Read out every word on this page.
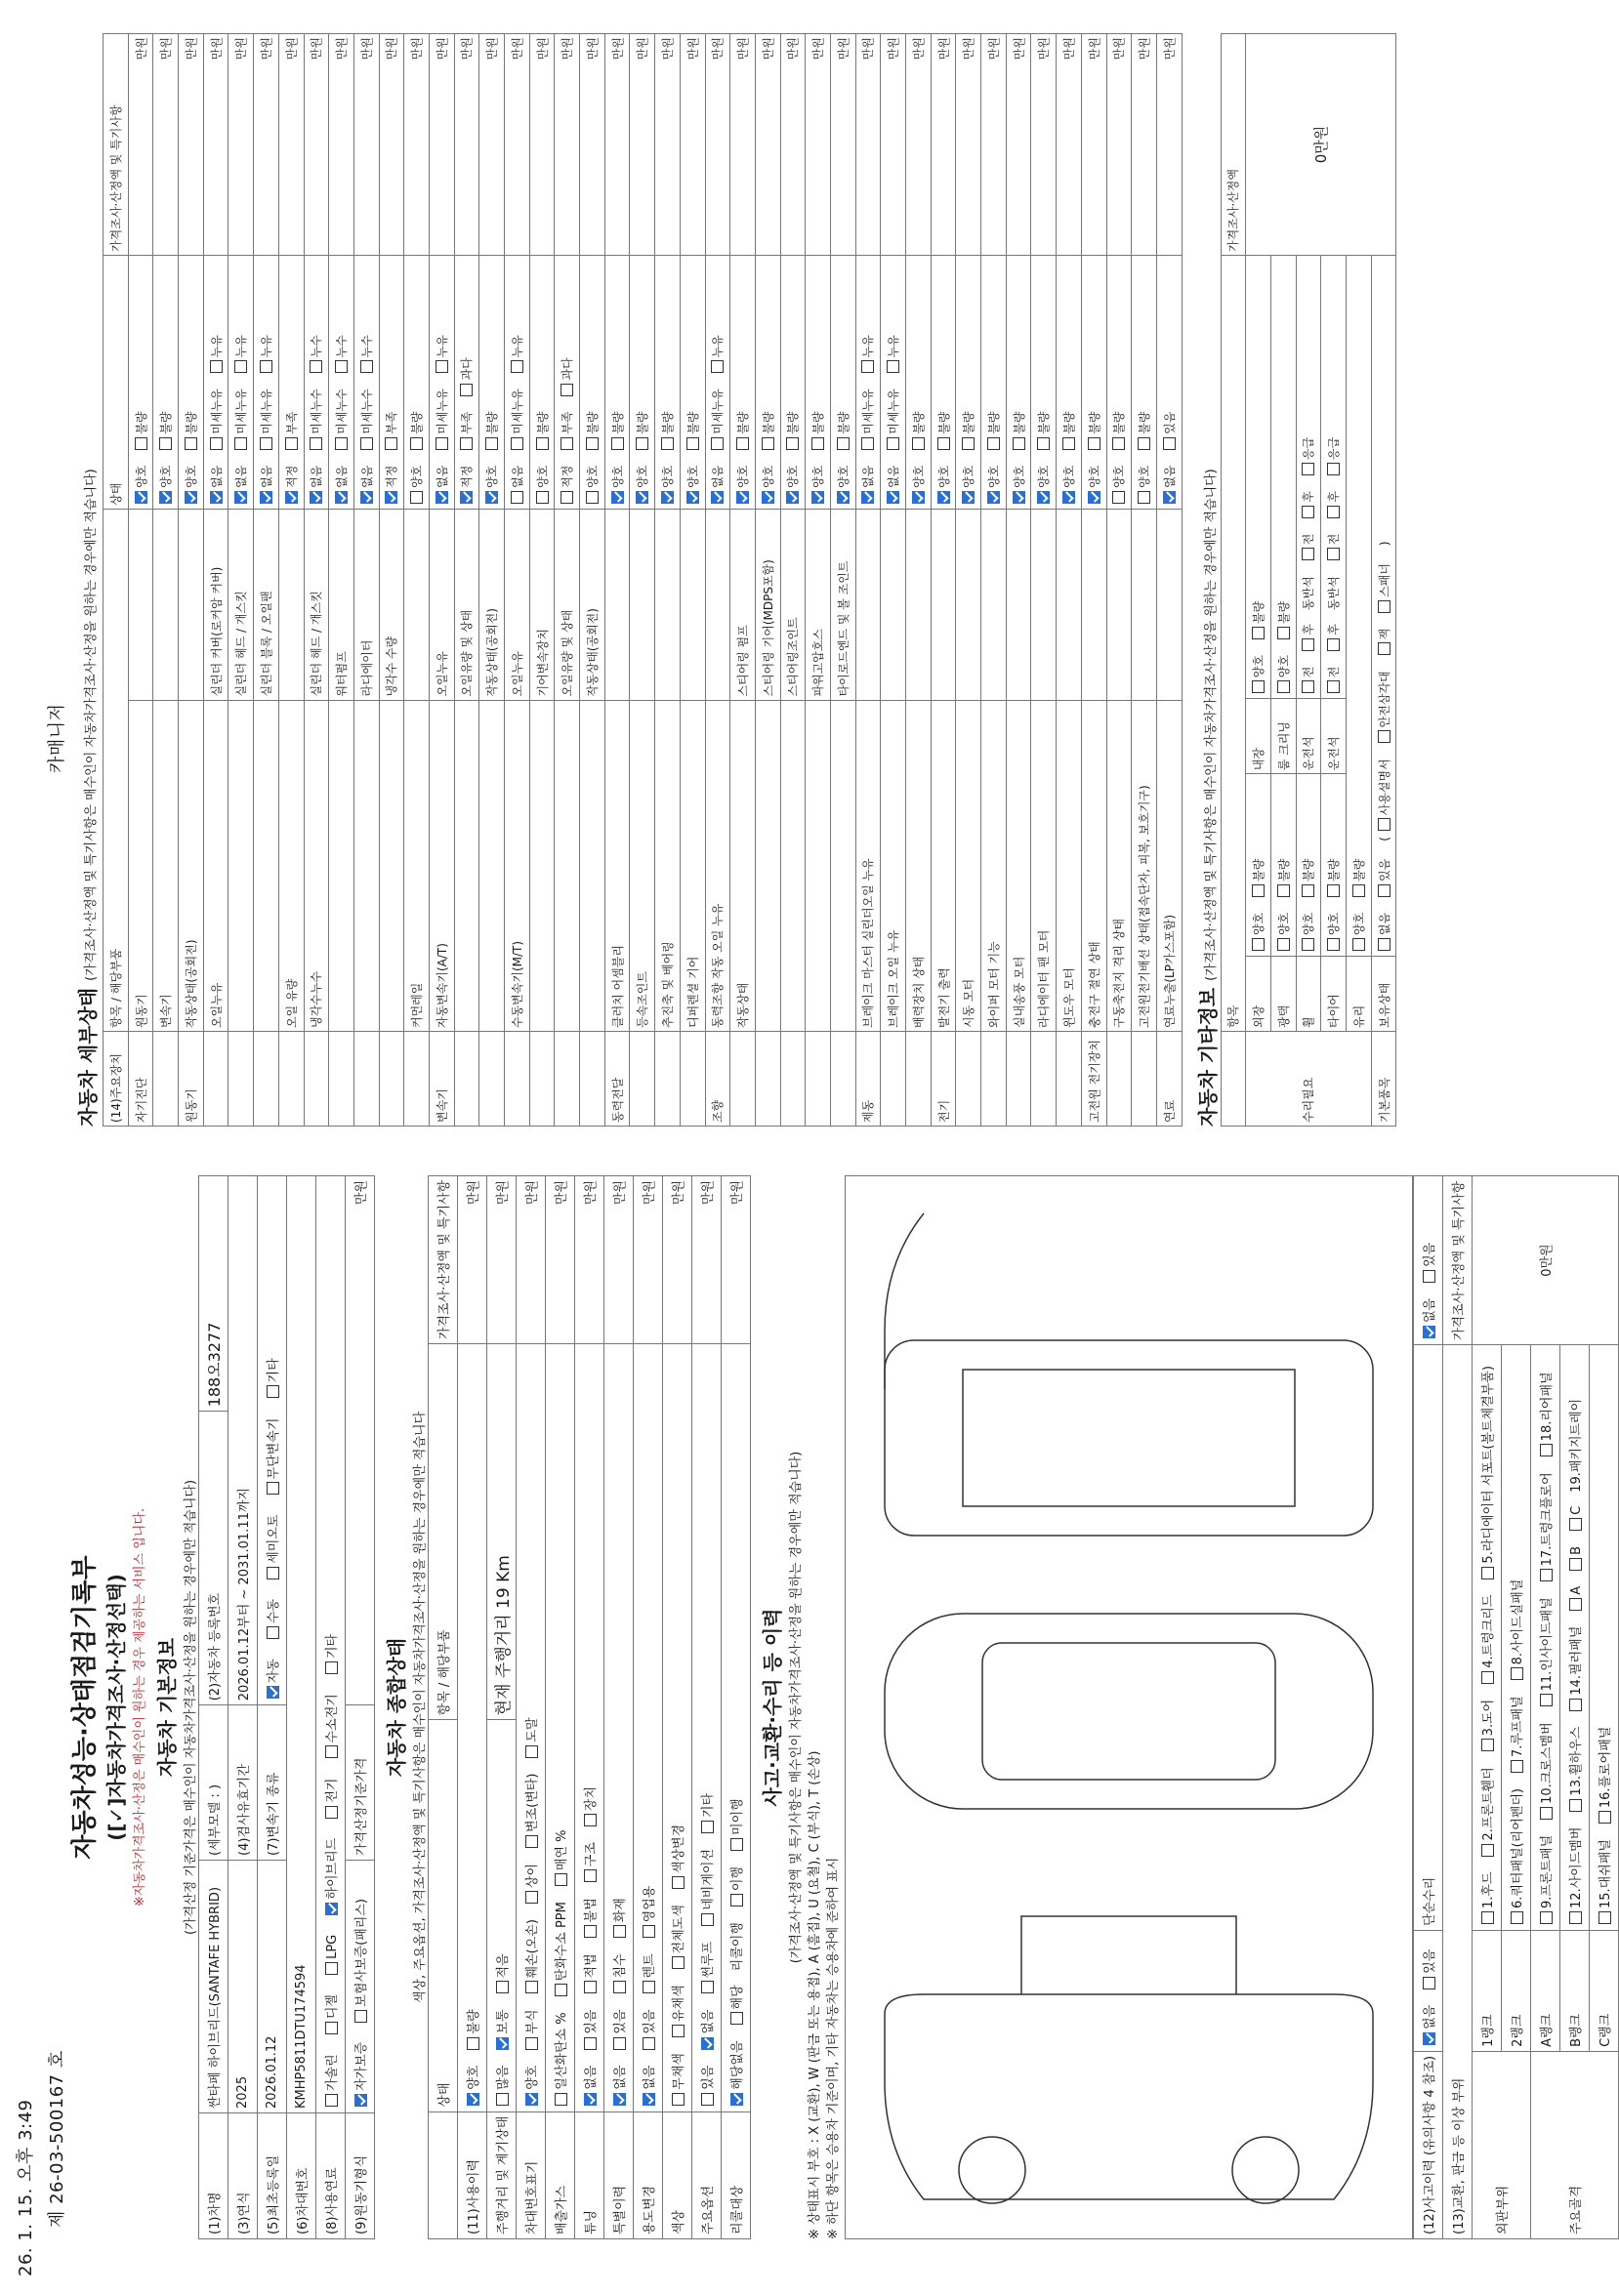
26. 1. 15. 오후 3:49 제 26-03-500167 호
카매니저
자동차성능·상태점검기록부 ([✓]자동차가격조사·산정선택) ※자동차가격조사·산정은 매수인이 원하는 경우 제공하는 서비스 입니다. 자동차 기본정보 (가격산정 기준가격은 매수인이 자동차가격조사·산정을 원하는 경우에만 적습니다)
(1)차명	싼타페 하이브리드(SANTAFE HYBRID)	(세부모델 : )	(2)자동차 등록번호	188오3277
(3)연식	2025	(4)검사유효기간	2026.01.12부터 ~ 2031.01.11까지	
(5)최초등록일	2026.01.12	(7)변속기 종류	자동 수동 세미오토 무단변속기 기타	
(6)차대번호	KMHP5811DTU174594			
(8)사용연료	가솔린 디젤 LPG 하이브리드 전기 수소전기 기타			
(9)원동기형식	자가보증 보험사보증(패리스)	가격산정기준가격	만원	
자동차 종합상태 색상, 주요옵션, 가격조사·산정액 및 특기사항은 매수인이 자동차가격조사·산정을 원하는 경우에만 적습니다
	상태	항목 / 해당부품	가격조사·산정액 및 특기사항
(11)사용이력	양호불량		만원
주행거리 및 계기상태	많음보통적음	현재 주행거리 19 Km	만원
차대번호표기	양호부식훼손(오손)상이변조(변타)도말		만원
배출가스	일산화탄소 %탄화수소 PPM매연 %		만원
튜닝	없음있음적법불법구조장치		만원
특별이력	없음있음침수화재		만원
용도변경	없음있음렌트영업용		만원
색상	무채색유채색전체도색색상변경		만원
주요옵션	있음없음썬루프네비게이션기타		만원
리콜대상	해당없음해당리콜이행이행미이행		만원
사고·교환·수리 등 이력 (가격조사·산정액 및 특기사항은 매수인이 자동차가격조사·산정을 원하는 경우에만 적습니다)
※ 상태표시 부호 : X (교환), W (판금 또는 용접), A (흠집), U (요철), C (부식), T (손상) ※ 하단 항목은 승용차 기준이며, 기타 자동차는 승용차에 준하여 표시	(12)사고이력 (유의사항 4 참조)	없음있음	단순수리	없음있음
(13)교환, 판금 등 이상 부위			가격조사·산정액 및 특기사항
외판부위	1랭크	1.후드2.프론트휀더3.도어4.트렁크리드5.라디에이터 서포트(볼트체결부품)	0만원
	2랭크	6.쿼터패널(리어펜더)7.루프패널8.사이드실패널	
주요골격	A랭크	9.프론트패널10.크로스멤버11.인사이드패널17.트렁크플로어18.리어패널	
	B랭크	12.사이드멤버13.휠하우스14.필러패널ABC19.패키지트레이	
	C랭크	15.대쉬패널16.플로어패널	
자동차 세부상태 (가격조사·산정액 및 특기사항은 매수인이 자동차가격조사·산정을 원하는 경우에만 적습니다)
(14)주요장치	항목 / 해당부품		상태	가격조사·산정액 및 특기사항
자기진단	원동기		양호불량	만원
	변속기		양호불량	만원
원동기	작동상태(공회전)		양호불량	만원
	오일누유	실린더 커버(로커암 커버)	없음미세누유누유	만원
		실린더 헤드 / 개스킷	없음미세누유누유	만원
		실린더 블록 / 오일팬	없음미세누유누유	만원
	오일 유량		적정부족	만원
	냉각수누수	실린더 헤드 / 개스킷	없음미세누수누수	만원
		워터펌프	없음미세누수누수	만원
		라디에이터	없음미세누수누수	만원
		냉각수 수량	적정부족	만원
	커먼레일		양호불량	만원
변속기	자동변속기(A/T)	오일누유	없음미세누유누유	만원
		오일유량 및 상태	적정부족과다	만원
		작동상태(공회전)	양호불량	만원
	수동변속기(M/T)	오일누유	없음미세누유누유	만원
		기어변속장치	양호불량	만원
		오일유량 및 상태	적정부족과다	만원
		작동상태(공회전)	양호불량	만원
동력전달	클러치 어셈블리		양호불량	만원
	등속조인트		양호불량	만원
	추진축 및 베어링		양호불량	만원
	디퍼렌셜 기어		양호불량	만원
조향	동력조향 작동 오일 누유		없음미세누유누유	만원
	작동상태	스티어링 펌프	양호불량	만원
		스티어링 기어(MDPS포함)	양호불량	만원
		스티어링조인트	양호불량	만원
		파워고압호스	양호불량	만원
		타이로드엔드 및 볼 조인트	양호불량	만원
제동	브레이크 마스터 실린더오일 누유		없음미세누유누유	만원
	브레이크 오일 누유		없음미세누유누유	만원
	배력장치 상태		양호불량	만원
전기	발전기 출력		양호불량	만원
	시동 모터		양호불량	만원
	와이퍼 모터 기능		양호불량	만원
	실내송풍 모터		양호불량	만원
	라디에이터 팬 모터		양호불량	만원
	윈도우 모터		양호불량	만원
고전원 전기장치	충전구 절연 상태		양호불량	만원
	구동축전지 격리 상태		양호불량	만원
	고전원전기배선 상태(접속단자, 피복, 보호기구)		양호불량	만원
연료	연료누출(LP가스포함)		없음있음	만원
자동차 기타정보 (가격조사·산정액 및 특기사항은 매수인이 자동차가격조사·산정을 원하는 경우에만 적습니다)
	항목				가격조사·산정액
수리필요	외장	양호불량	내장	양호불량	0만원
	광택	양호불량	룸 크리닝	양호불량	
	휠	양호불량	운전석	전후동반석전후응급	
	타이어	양호불량	운전석	전후동반석전후응급	
	유리	양호불량			
기본품목	보유상태	없음있음 ( 사용설명서안전삼각대잭스패너 )			
